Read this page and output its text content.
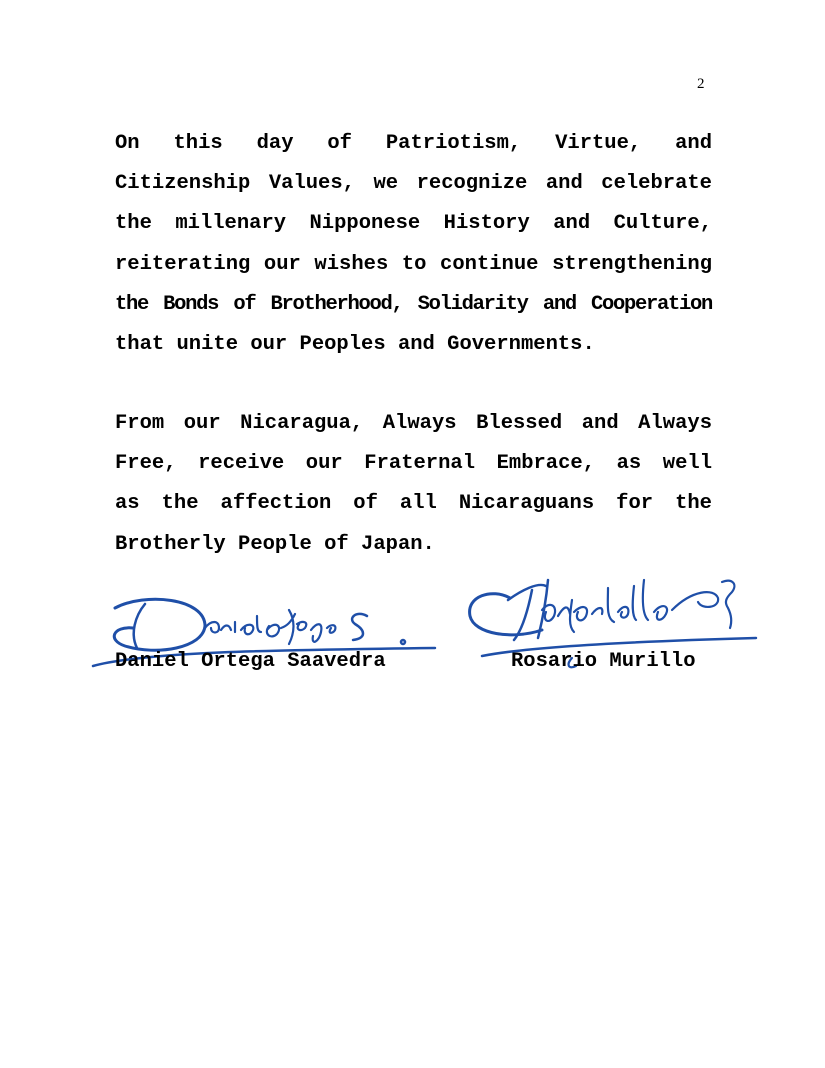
2
On this day of Patriotism, Virtue, and
Citizenship Values, we recognize and celebrate
the millenary Nipponese History and Culture,
reiterating our wishes to continue strengthening
the Bonds of Brotherhood, Solidarity and Cooperation
that unite our Peoples and Governments.
From our Nicaragua, Always Blessed and Always
Free, receive our Fraternal Embrace, as well
as the affection of all Nicaraguans for the
Brotherly People of Japan.
Daniel Ortega Saavedra	Rosario Murillo
